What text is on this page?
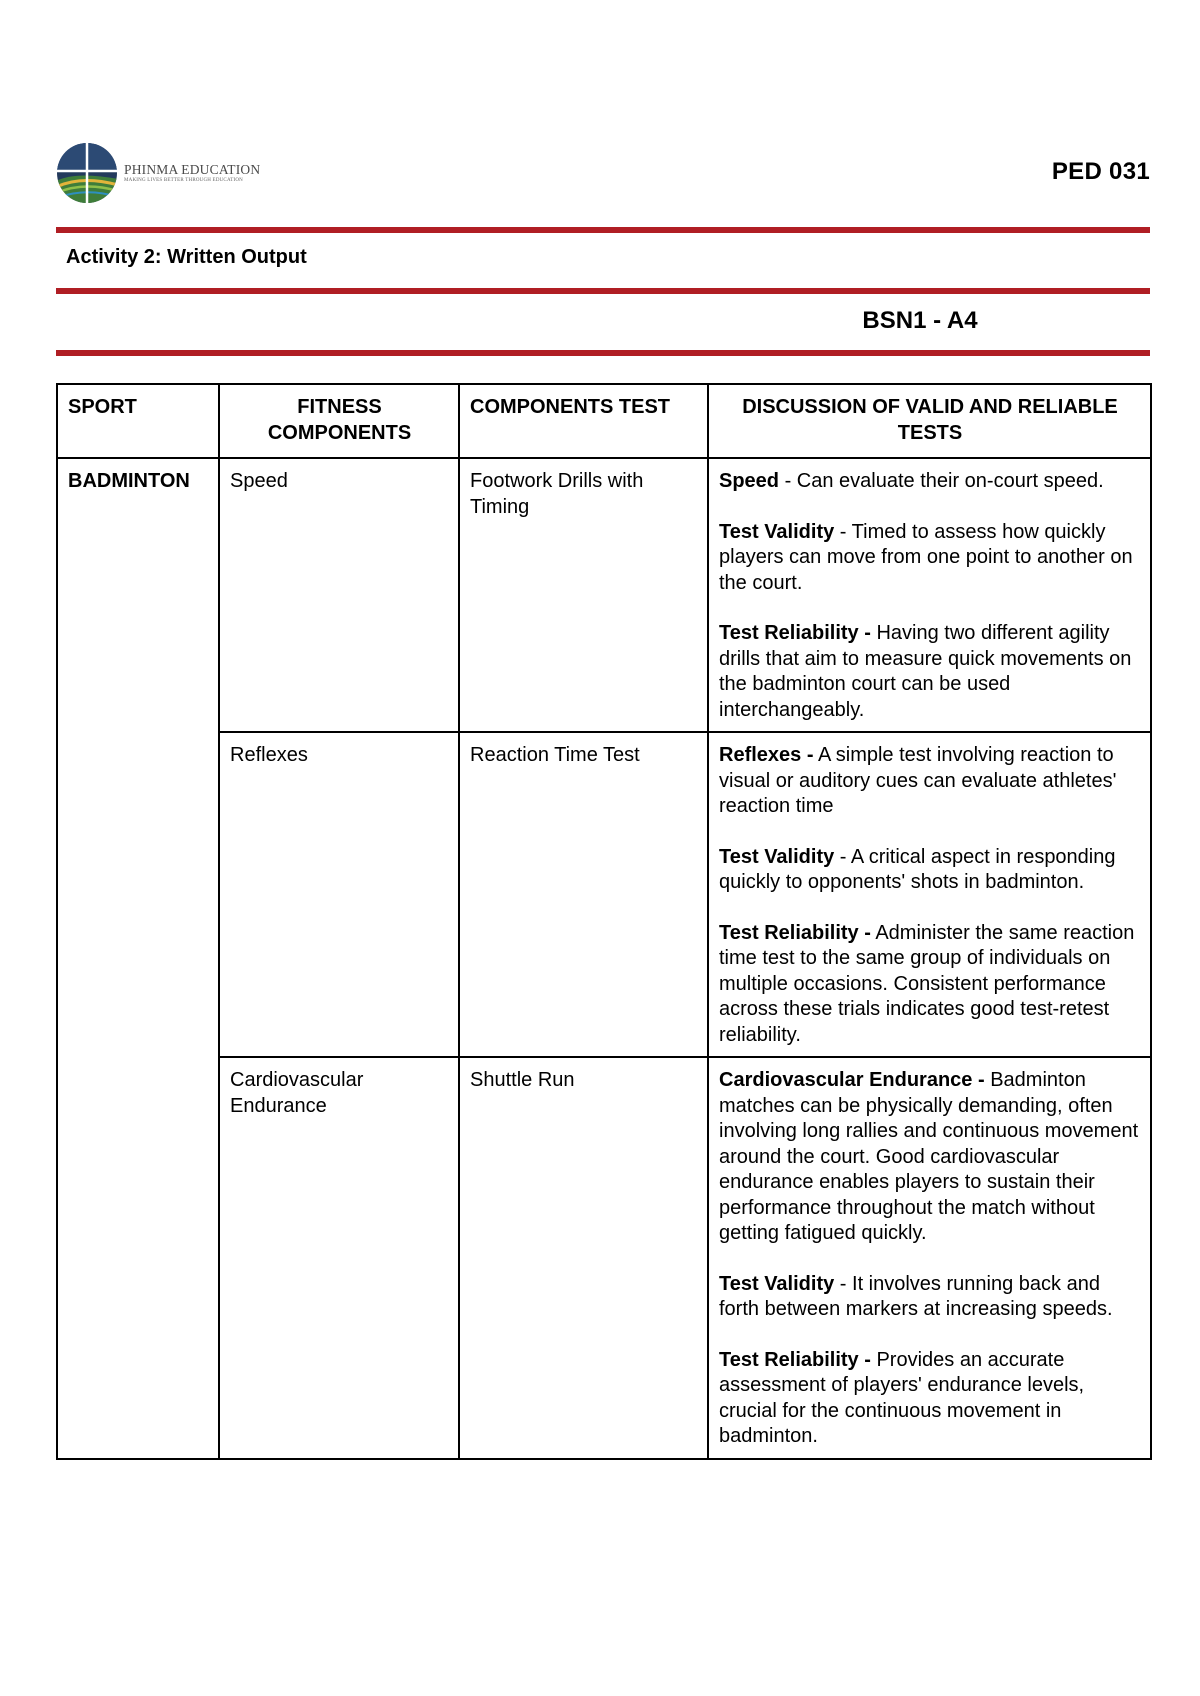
PHINMA EDUCATION
MAKING LIVES BETTER THROUGH EDUCATION	PED 031
Activity 2: Written Output
BSN1 - A4
SPORT	FITNESS COMPONENTS	COMPONENTS TEST	DISCUSSION OF VALID AND RELIABLE TESTS
BADMINTON	Speed	Footwork Drills with Timing	Speed - Can evaluate their on-court speed.

Test Validity - Timed to assess how quickly players can move from one point to another on the court.

Test Reliability - Having two different agility drills that aim to measure quick movements on the badminton court can be used interchangeably.

	Reflexes	Reaction Time Test	Reflexes - A simple test involving reaction to visual or auditory cues can evaluate athletes' reaction time

Test Validity - A critical aspect in responding quickly to opponents' shots in badminton.

Test Reliability - Administer the same reaction time test to the same group of individuals on multiple occasions. Consistent performance across these trials indicates good test-retest reliability.

	Cardiovascular Endurance	Shuttle Run	Cardiovascular Endurance - Badminton matches can be physically demanding, often involving long rallies and continuous movement around the court. Good cardiovascular endurance enables players to sustain their performance throughout the match without getting fatigued quickly.

Test Validity - It involves running back and forth between markers at increasing speeds.

Test Reliability - Provides an accurate assessment of players' endurance levels, crucial for the continuous movement in badminton.
